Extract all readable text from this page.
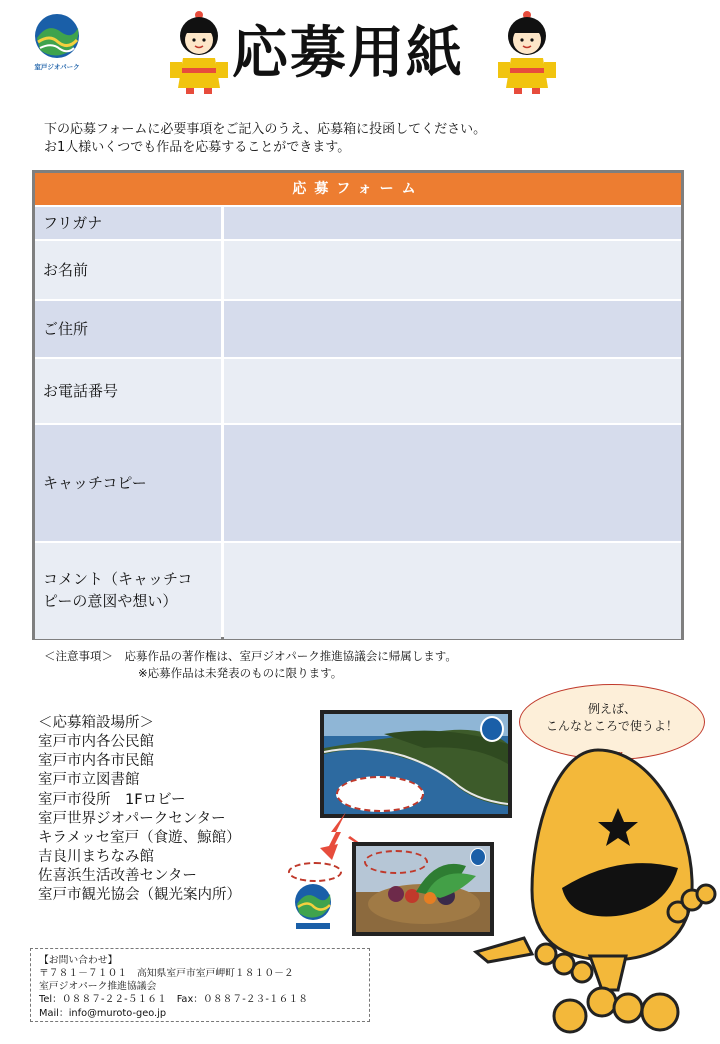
室戸ジオパーク	応募用紙
下の応募フォームに必要事項をご記入のうえ、応募箱に投函してください。
お1人様いくつでも作品を応募することができます。
応募フォーム
フリガナ
お名前
ご住所
お電話番号
キャッチコピー
コメント（キャッチコピーの意図や想い）
＜注意事項＞　応募作品の著作権は、室戸ジオパーク推進協議会に帰属します。
※応募作品は未発表のものに限ります。
＜応募箱設場所＞
室戸市内各公民館
室戸市内各市民館
室戸市立図書館
室戸市役所　1Fロビー
室戸世界ジオパークセンター
キラメッセ室戸（食遊、鯨館）
吉良川まちなみ館
佐喜浜生活改善センター
室戸市観光協会（観光案内所）
【お問い合わせ】
〒７８１－７１０１　高知県室戸市室戸岬町１８１０－２
室戸ジオパーク推進協議会
Tel：０８８７-２２-５１６１　Fax：０８８７-２３-１６１８
Mail：info@muroto-geo.jp
例えば、
こんなところで使うよ！
